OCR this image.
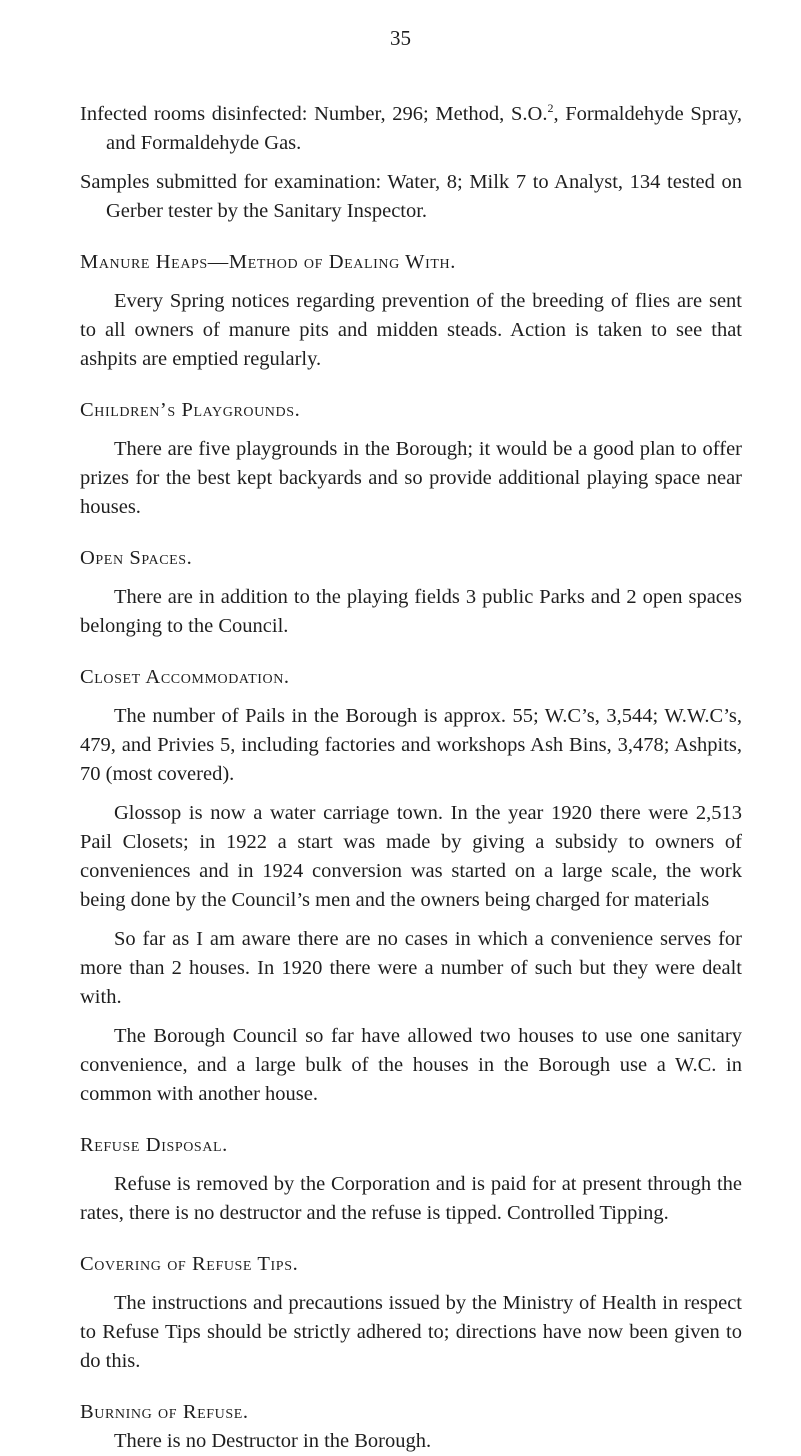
35

Infected rooms disinfected: Number, 296; Method, S.O.$^2$, Formaldehyde Spray, and Formaldehyde Gas.

Samples submitted for examination: Water, 8; Milk 7 to Analyst, 134 tested on Gerber tester by the Sanitary Inspector.

Manure Heaps—Method of Dealing With.

Every Spring notices regarding prevention of the breeding of flies are sent to all owners of manure pits and midden steads. Action is taken to see that ashpits are emptied regularly.

Children’s Playgrounds.

There are five playgrounds in the Borough; it would be a good plan to offer prizes for the best kept backyards and so provide additional playing space near houses.

Open Spaces.

There are in addition to the playing fields 3 public Parks and 2 open spaces belonging to the Council.

Closet Accommodation.

The number of Pails in the Borough is approx. 55; W.C’s, 3,544; W.W.C’s, 479, and Privies 5, including factories and workshops Ash Bins, 3,478; Ashpits, 70 (most covered).

Glossop is now a water carriage town. In the year 1920 there were 2,513 Pail Closets; in 1922 a start was made by giving a subsidy to owners of conveniences and in 1924 conversion was started on a large scale, the work being done by the Council’s men and the owners being charged for materials

So far as I am aware there are no cases in which a convenience serves for more than 2 houses. In 1920 there were a number of such but they were dealt with.

The Borough Council so far have allowed two houses to use one sanitary convenience, and a large bulk of the houses in the Borough use a W.C. in common with another house.

Refuse Disposal.

Refuse is removed by the Corporation and is paid for at present through the rates, there is no destructor and the refuse is tipped. Controlled Tipping.

Covering of Refuse Tips.

The instructions and precautions issued by the Ministry of Health in respect to Refuse Tips should be strictly adhered to; directions have now been given to do this.

Burning of Refuse.

There is no Destructor in the Borough.
